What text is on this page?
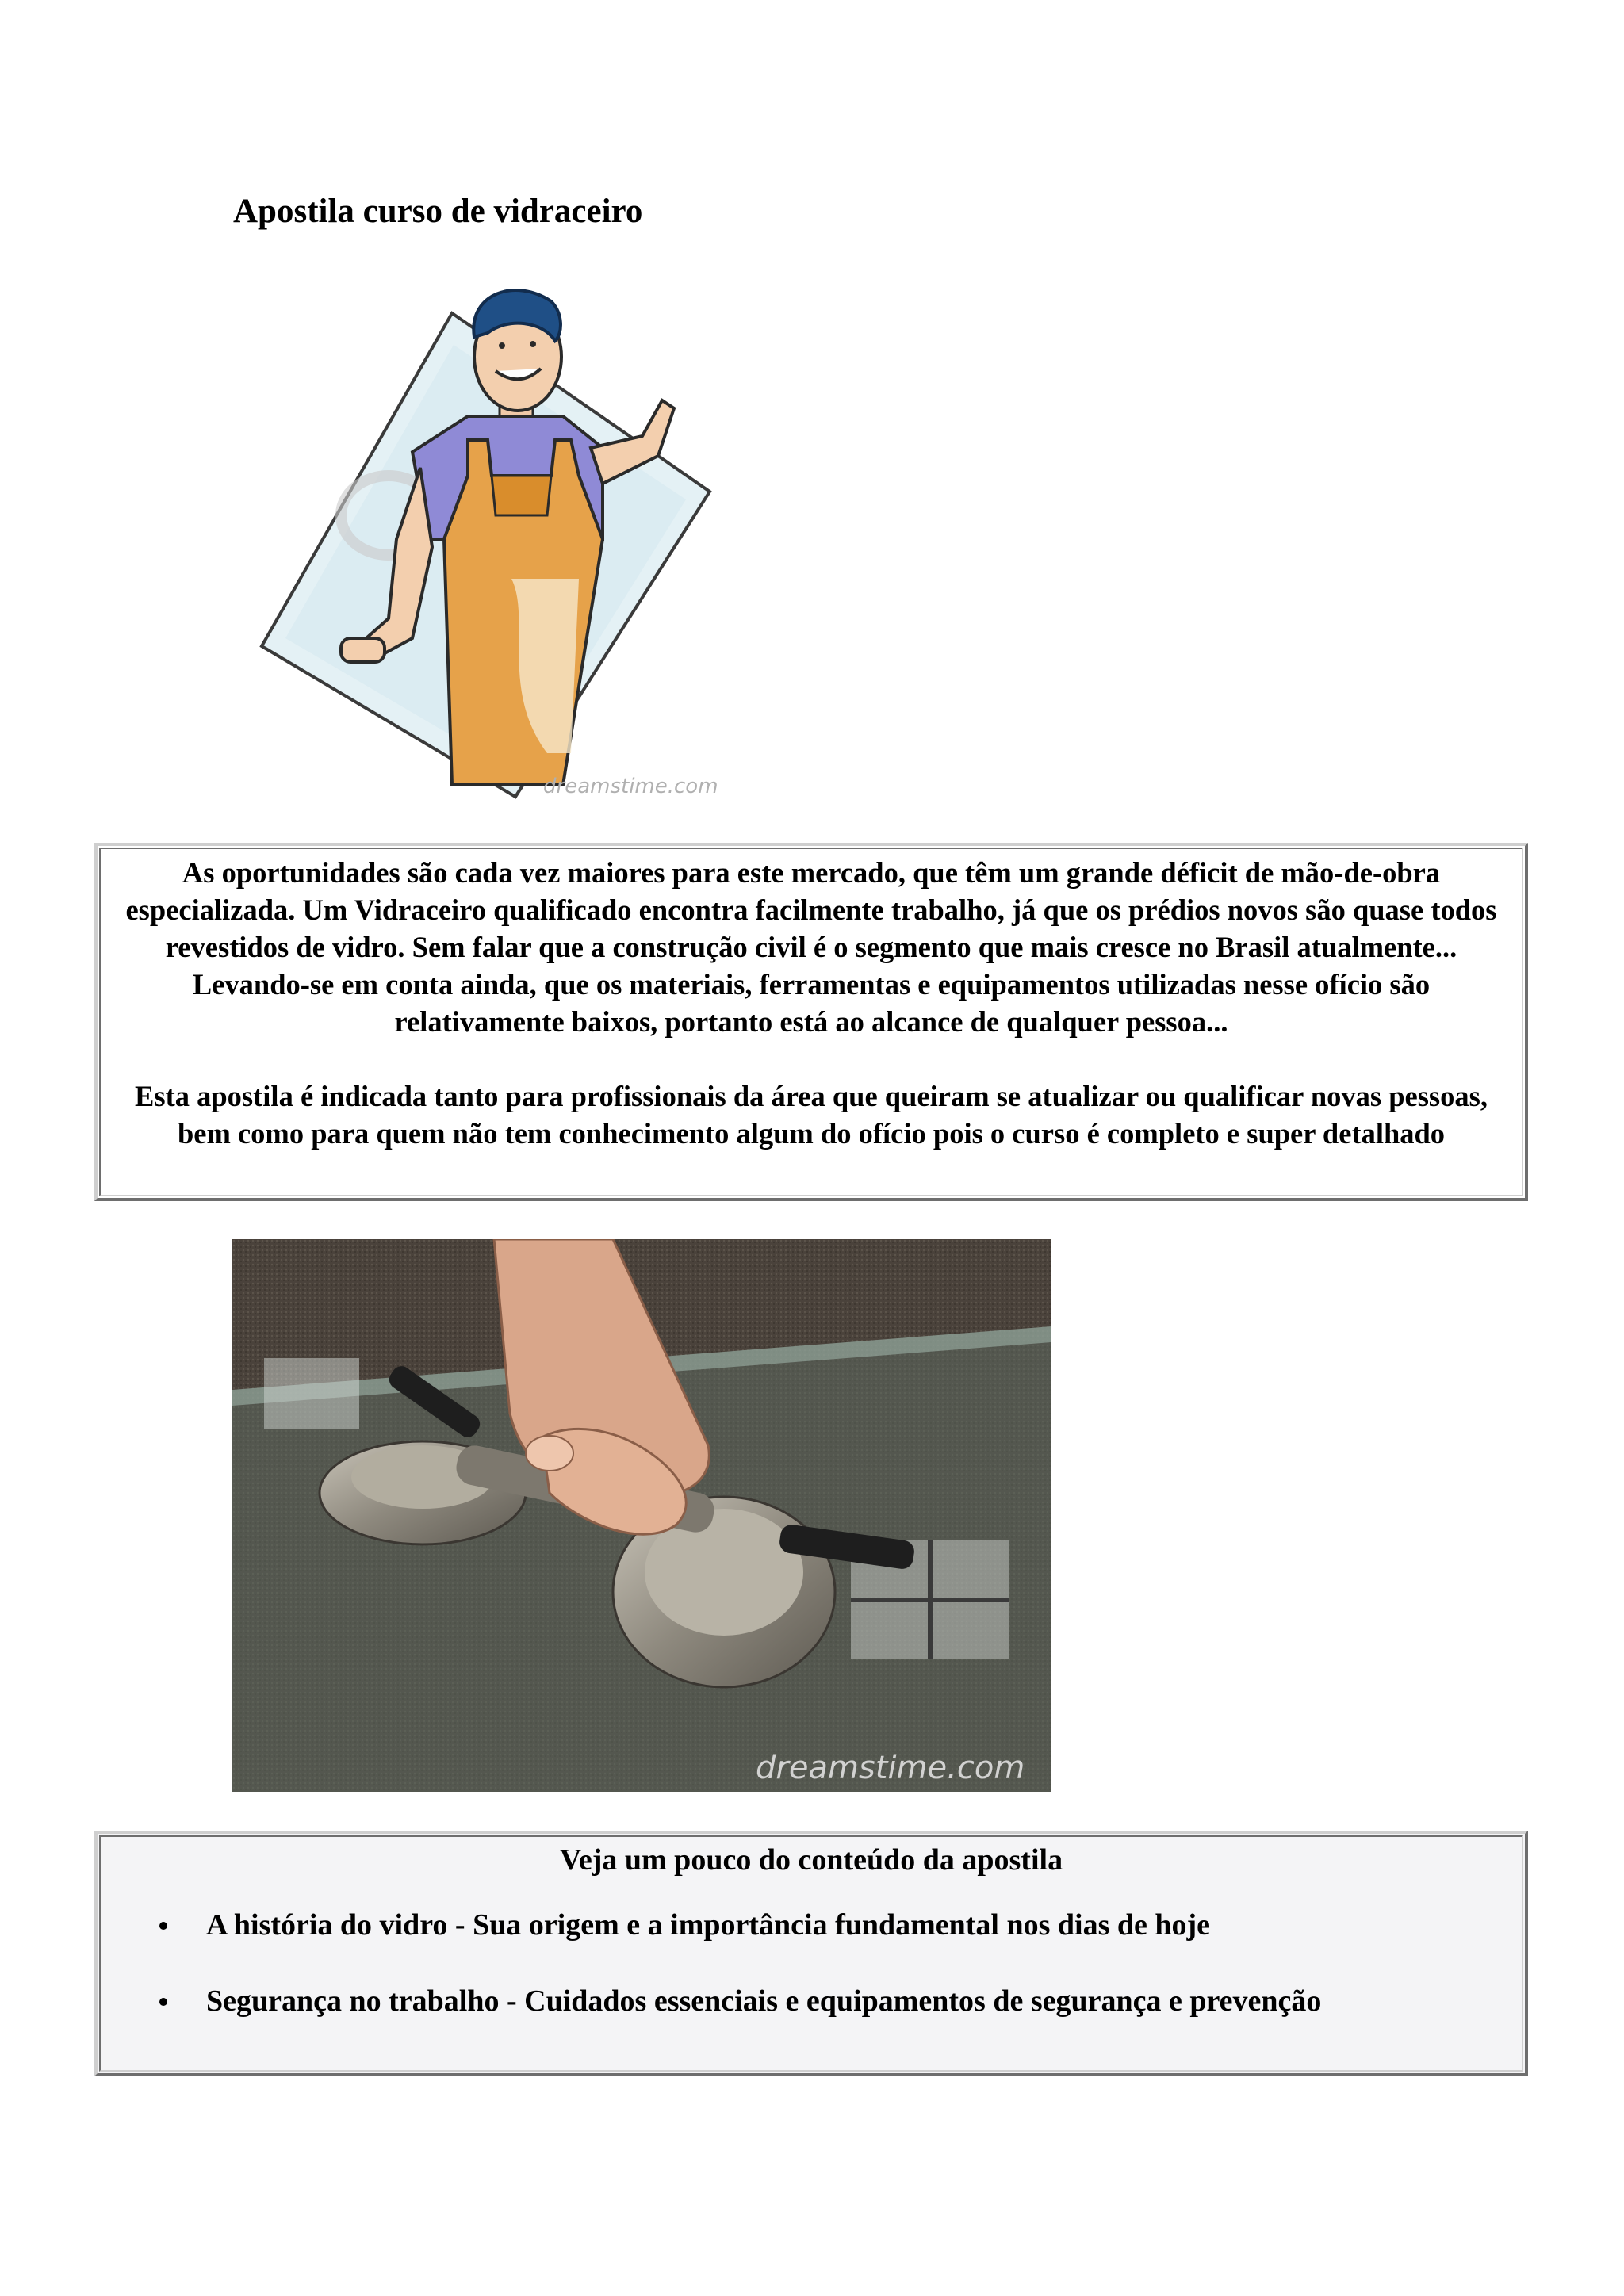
Apostila curso de vidraceiro
dreamstime.com

As oportunidades são cada vez maiores para este mercado, que têm um grande déficit de mão-de-obra especializada. Um Vidraceiro qualificado encontra facilmente trabalho, já que os prédios novos são quase todos revestidos de vidro. Sem falar que a construção civil é o segmento que mais cresce no Brasil atualmente... Levando-se em conta ainda, que os materiais, ferramentas e equipamentos utilizadas nesse ofício são relativamente baixos, portanto está ao alcance de qualquer pessoa...

Esta apostila é indicada tanto para profissionais da área que queiram se atualizar ou qualificar novas pessoas, bem como para quem não tem conhecimento algum do ofício pois o curso é completo e super detalhado

dreamstime.com

Veja um pouco do conteúdo da apostila

A história do vidro - Sua origem e a importância fundamental nos dias de hoje
Segurança no trabalho - Cuidados essenciais e equipamentos de segurança e prevenção
